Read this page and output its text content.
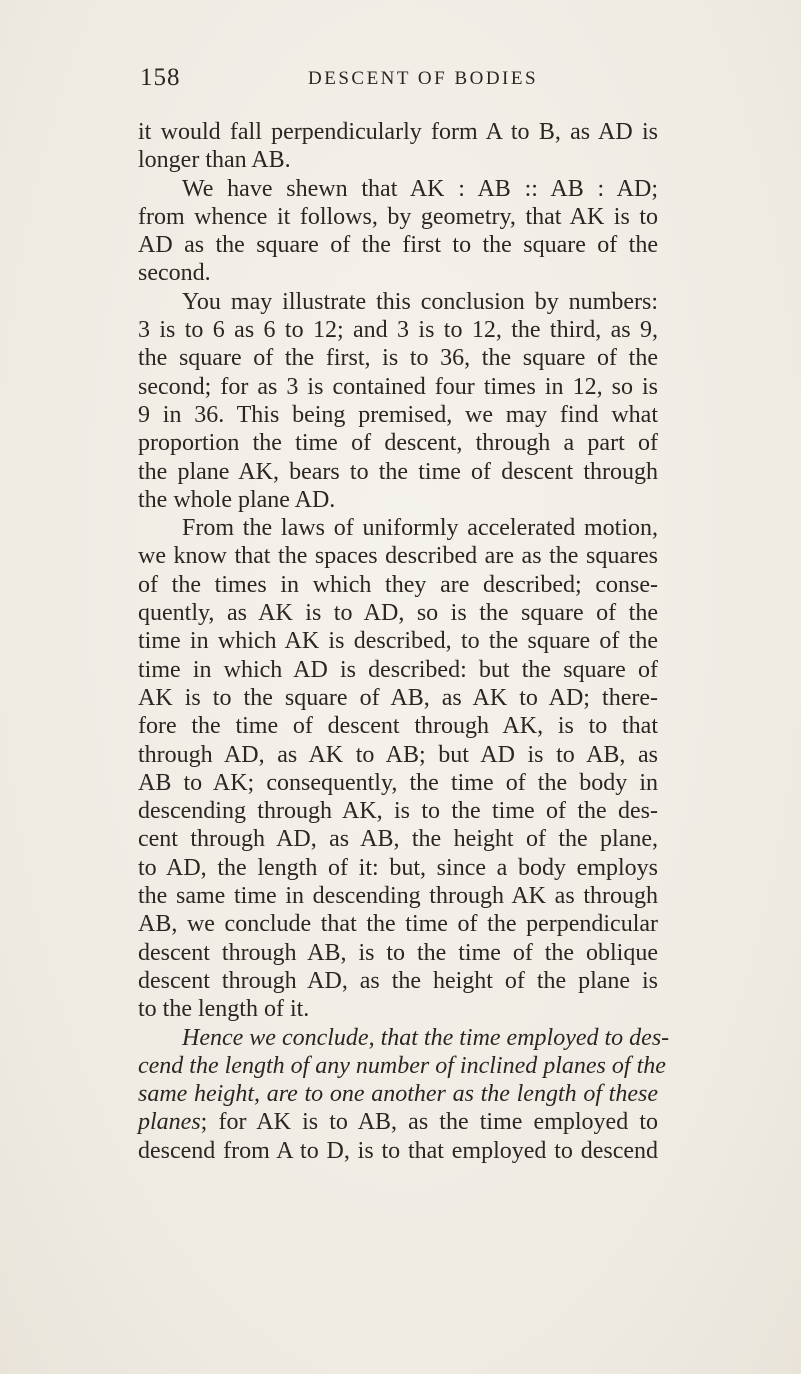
158	DESCENT OF BODIES
it would fall perpendicularly form A to B, as AD is
longer than AB.
We have shewn that AK : AB :: AB : AD;
from whence it follows, by geometry, that AK is to
AD as the square of the first to the square of the
second.
You may illustrate this conclusion by numbers:
3 is to 6 as 6 to 12; and 3 is to 12, the third, as 9,
the square of the first, is to 36, the square of the
second; for as 3 is contained four times in 12, so is
9 in 36. This being premised, we may find what
proportion the time of descent, through a part of
the plane AK, bears to the time of descent through
the whole plane AD.
From the laws of uniformly accelerated motion,
we know that the spaces described are as the squares
of the times in which they are described; conse-
quently, as AK is to AD, so is the square of the
time in which AK is described, to the square of the
time in which AD is described: but the square of
AK is to the square of AB, as AK to AD; there-
fore the time of descent through AK, is to that
through AD, as AK to AB; but AD is to AB, as
AB to AK; consequently, the time of the body in
descending through AK, is to the time of the des-
cent through AD, as AB, the height of the plane,
to AD, the length of it: but, since a body employs
the same time in descending through AK as through
AB, we conclude that the time of the perpendicular
descent through AB, is to the time of the oblique
descent through AD, as the height of the plane is
to the length of it.
Hence we conclude, that the time employed to des-
cend the length of any number of inclined planes of the
same height, are to one another as the length of these
planes; for AK is to AB, as the time employed to
descend from A to D, is to that employed to descend
